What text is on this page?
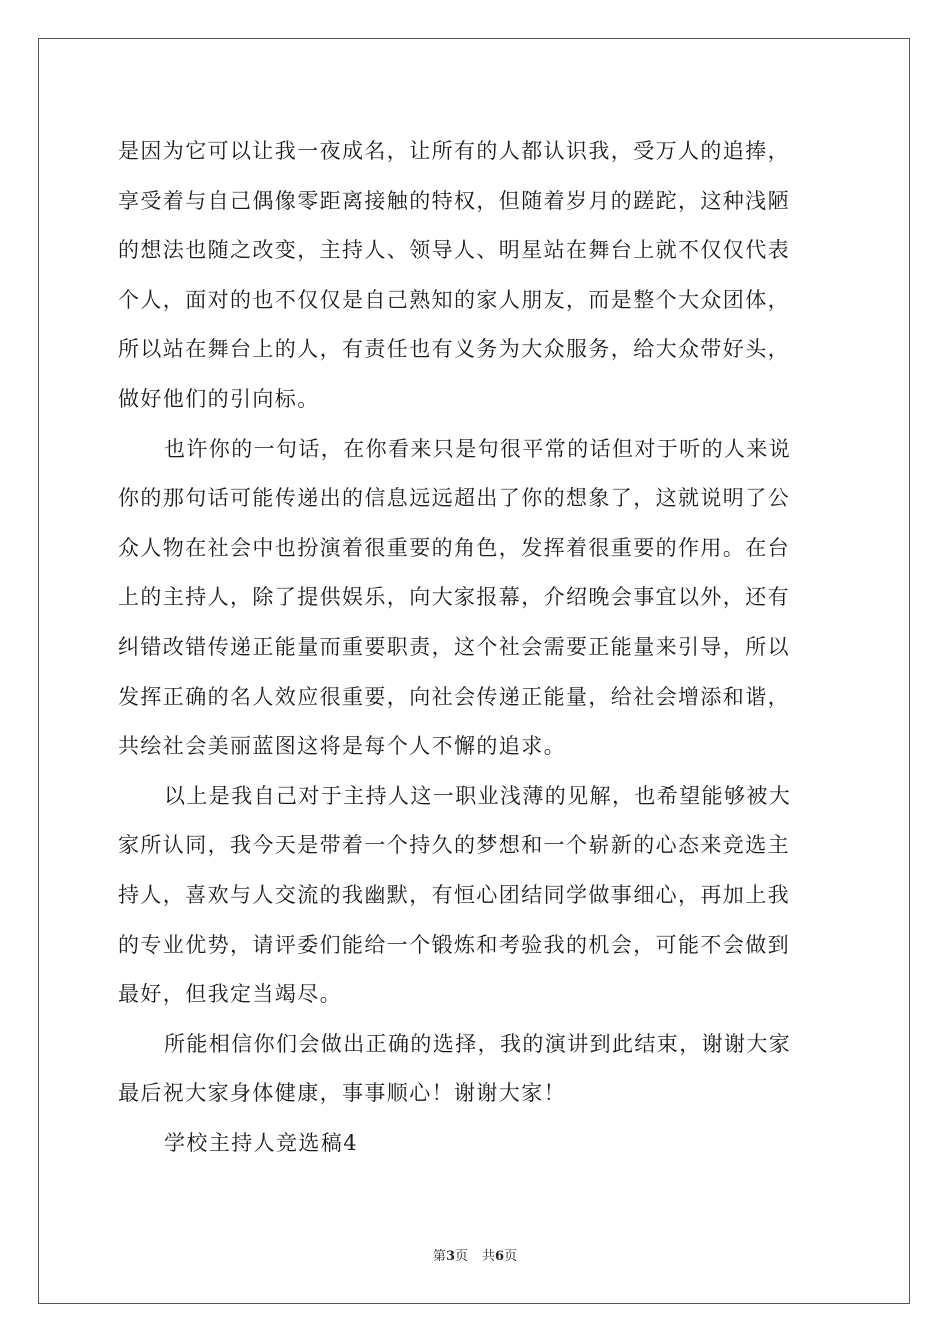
是因为它可以让我一夜成名，让所有的人都认识我，受万人的追捧，
享受着与自己偶像零距离接触的特权，但随着岁月的蹉跎，这种浅陋
的想法也随之改变，主持人、领导人、明星站在舞台上就不仅仅代表
个人，面对的也不仅仅是自己熟知的家人朋友，而是整个大众团体，
所以站在舞台上的人，有责任也有义务为大众服务，给大众带好头，
做好他们的引向标。
也许你的一句话，在你看来只是句很平常的话但对于听的人来说
你的那句话可能传递出的信息远远超出了你的想象了，这就说明了公
众人物在社会中也扮演着很重要的角色，发挥着很重要的作用。在台
上的主持人，除了提供娱乐，向大家报幕，介绍晚会事宜以外，还有
纠错改错传递正能量而重要职责，这个社会需要正能量来引导，所以
发挥正确的名人效应很重要，向社会传递正能量，给社会增添和谐，
共绘社会美丽蓝图这将是每个人不懈的追求。
以上是我自己对于主持人这一职业浅薄的见解，也希望能够被大
家所认同，我今天是带着一个持久的梦想和一个崭新的心态来竞选主
持人，喜欢与人交流的我幽默，有恒心团结同学做事细心，再加上我
的专业优势，请评委们能给一个锻炼和考验我的机会，可能不会做到
最好，但我定当竭尽。
所能相信你们会做出正确的选择，我的演讲到此结束，谢谢大家
最后祝大家身体健康，事事顺心！谢谢大家！
学校主持人竞选稿4
第3页 共6页
